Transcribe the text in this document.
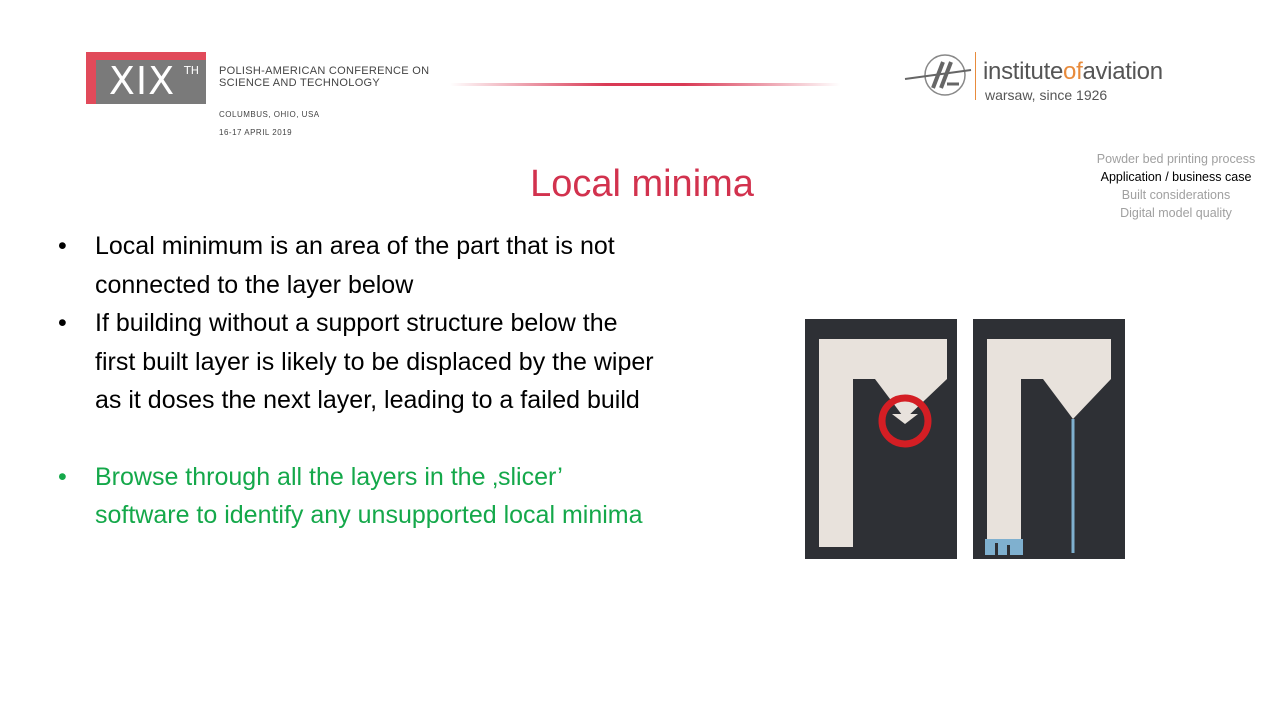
XIX TH POLISH-AMERICAN CONFERENCE ON SCIENCE AND TECHNOLOGY
COLUMBUS, OHIO, USA
16-17 APRIL 2019
instituteofaviation
warsaw, since 1926
Powder bed printing process
Application / business case
Built considerations
Digital model quality
Local minima
• Local minimum is an area of the part that is not connected to the layer below
• If building without a support structure below the first built layer is likely to be displaced by the wiper as it doses the next layer, leading to a failed build
• Browse through all the layers in the ‚slicer’ software to identify any unsupported local minima
